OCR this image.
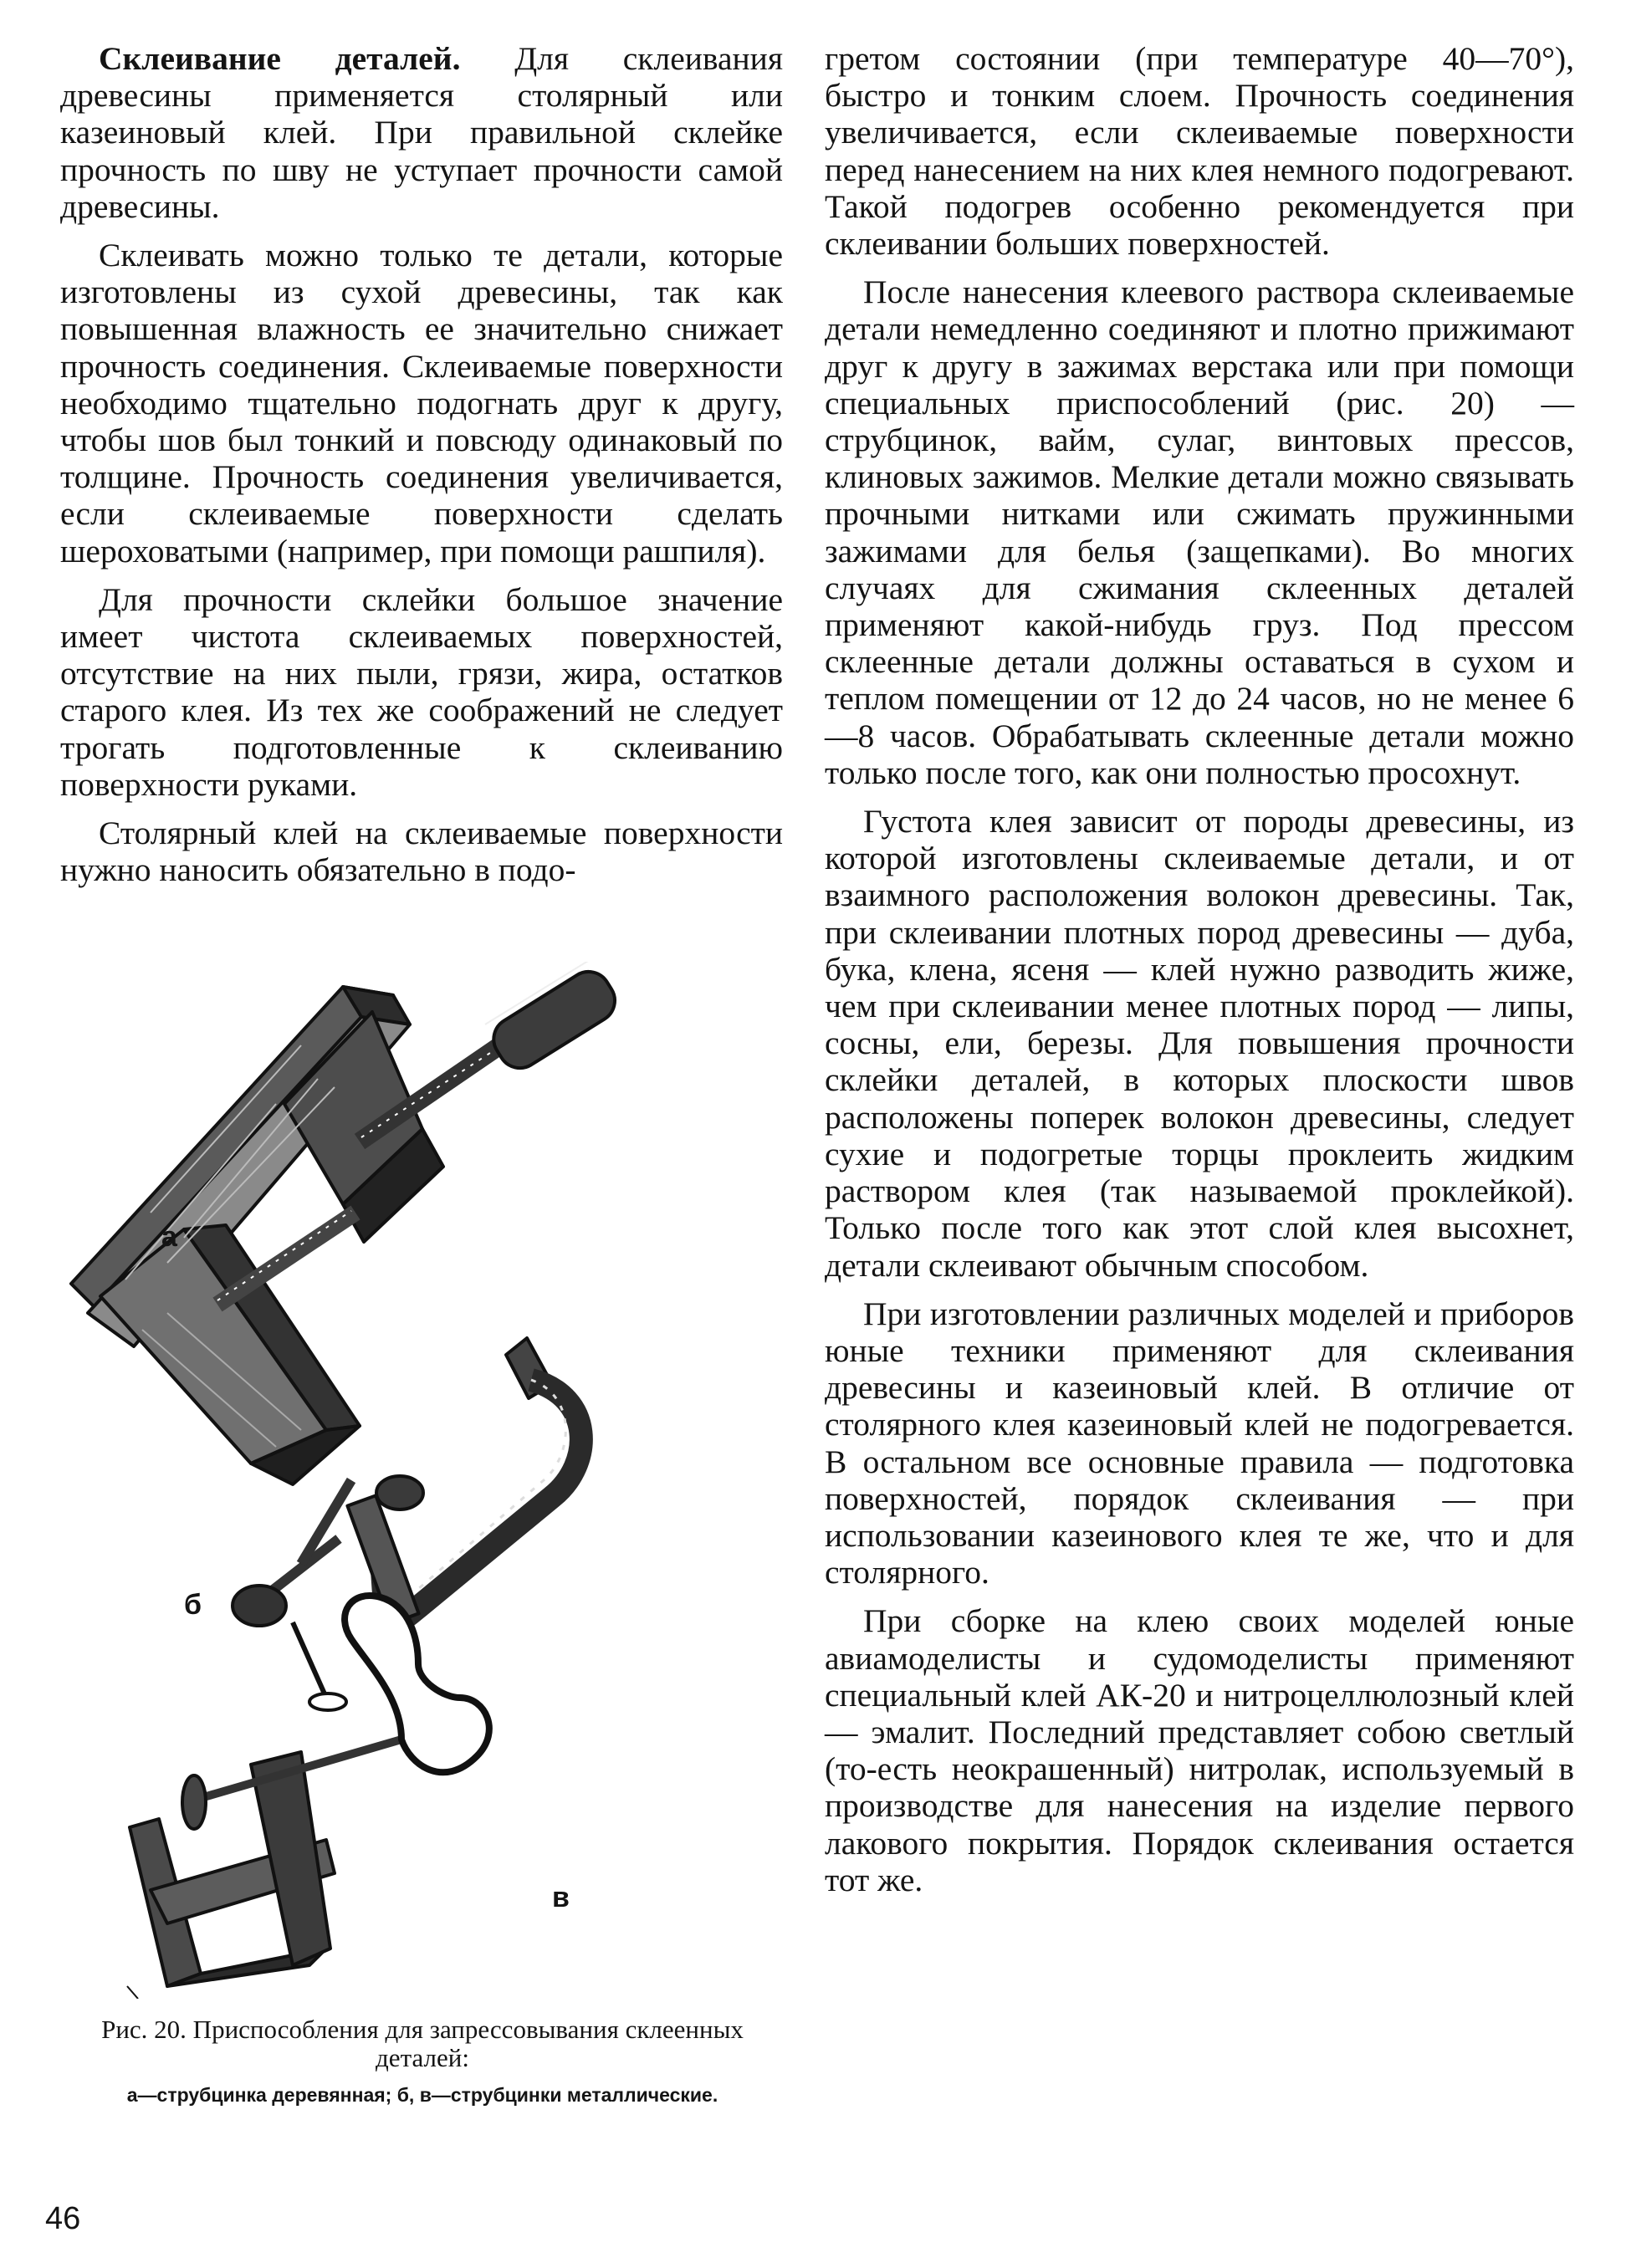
Склеивание деталей. Для склеивания древесины применяется столярный или казеиновый клей. При правильной склейке прочность по шву не уступает прочности самой древесины.

Склеивать можно только те детали, которые изготовлены из сухой древесины, так как повышенная влажность ее значительно снижает прочность соединения. Склеиваемые поверхности необходимо тщательно подогнать друг к другу, чтобы шов был тонкий и повсюду одинаковый по толщине. Прочность соединения увеличивается, если склеиваемые поверхности сделать шероховатыми (например, при помощи рашпиля).

Для прочности склейки большое значение имеет чистота склеиваемых поверхностей, отсутствие на них пыли, грязи, жира, остатков старого клея. Из тех же соображений не следует трогать подготовленные к склеиванию поверхности руками.

Столярный клей на склеиваемые поверхности нужно наносить обязательно в подо-

гретом состоянии (при температуре 40—70°), быстро и тонким слоем. Прочность соединения увеличивается, если склеиваемые поверхности перед нанесением на них клея немного подогревают. Такой подогрев особенно рекомендуется при склеивании больших поверхностей.

После нанесения клеевого раствора склеиваемые детали немедленно соединяют и плотно прижимают друг к другу в зажимах верстака или при помощи специальных приспособлений (рис. 20) — струбцинок, вайм, сулаг, винтовых прессов, клиновых зажимов. Мелкие детали можно связывать прочными нитками или сжимать пружинными зажимами для белья (защепками). Во многих случаях для сжимания склеенных деталей применяют какой-нибудь груз. Под прессом склеенные детали должны оставаться в сухом и теплом помещении от 12 до 24 часов, но не менее 6—8 часов. Обрабатывать склеенные детали можно только после того, как они полностью просохнут.

Густота клея зависит от породы древесины, из которой изготовлены склеиваемые детали, и от взаимного расположения волокон древесины. Так, при склеивании плотных пород древесины — дуба, бука, клена, ясеня — клей нужно разводить жиже, чем при склеивании менее плотных пород — липы, сосны, ели, березы. Для повышения прочности склейки деталей, в которых плоскости швов расположены поперек волокон древесины, следует сухие и подогретые торцы проклеить жидким раствором клея (так называемой проклейкой). Только после того как этот слой клея высохнет, детали склеивают обычным способом.

При изготовлении различных моделей и приборов юные техники применяют для склеивания древесины и казеиновый клей. В отличие от столярного клея казеиновый клей не подогревается. В остальном все основные правила — подготовка поверхностей, порядок склеивания — при использовании казеинового клея те же, что и для столярного.

При сборке на клею своих моделей юные авиамоделисты и судомоделисты применяют специальный клей АК-20 и нитроцеллюлозный клей — эмалит. Последний представляет собою светлый (то-есть неокрашенный) нитролак, используемый в производстве для нанесения на изделие первого лакового покрытия. Порядок склеивания остается тот же.

а
б
в
Рис. 20. Приспособления для запрессовывания склеенных деталей:
а—струбцинка деревянная; б, в—струбцинки металлические.
46
